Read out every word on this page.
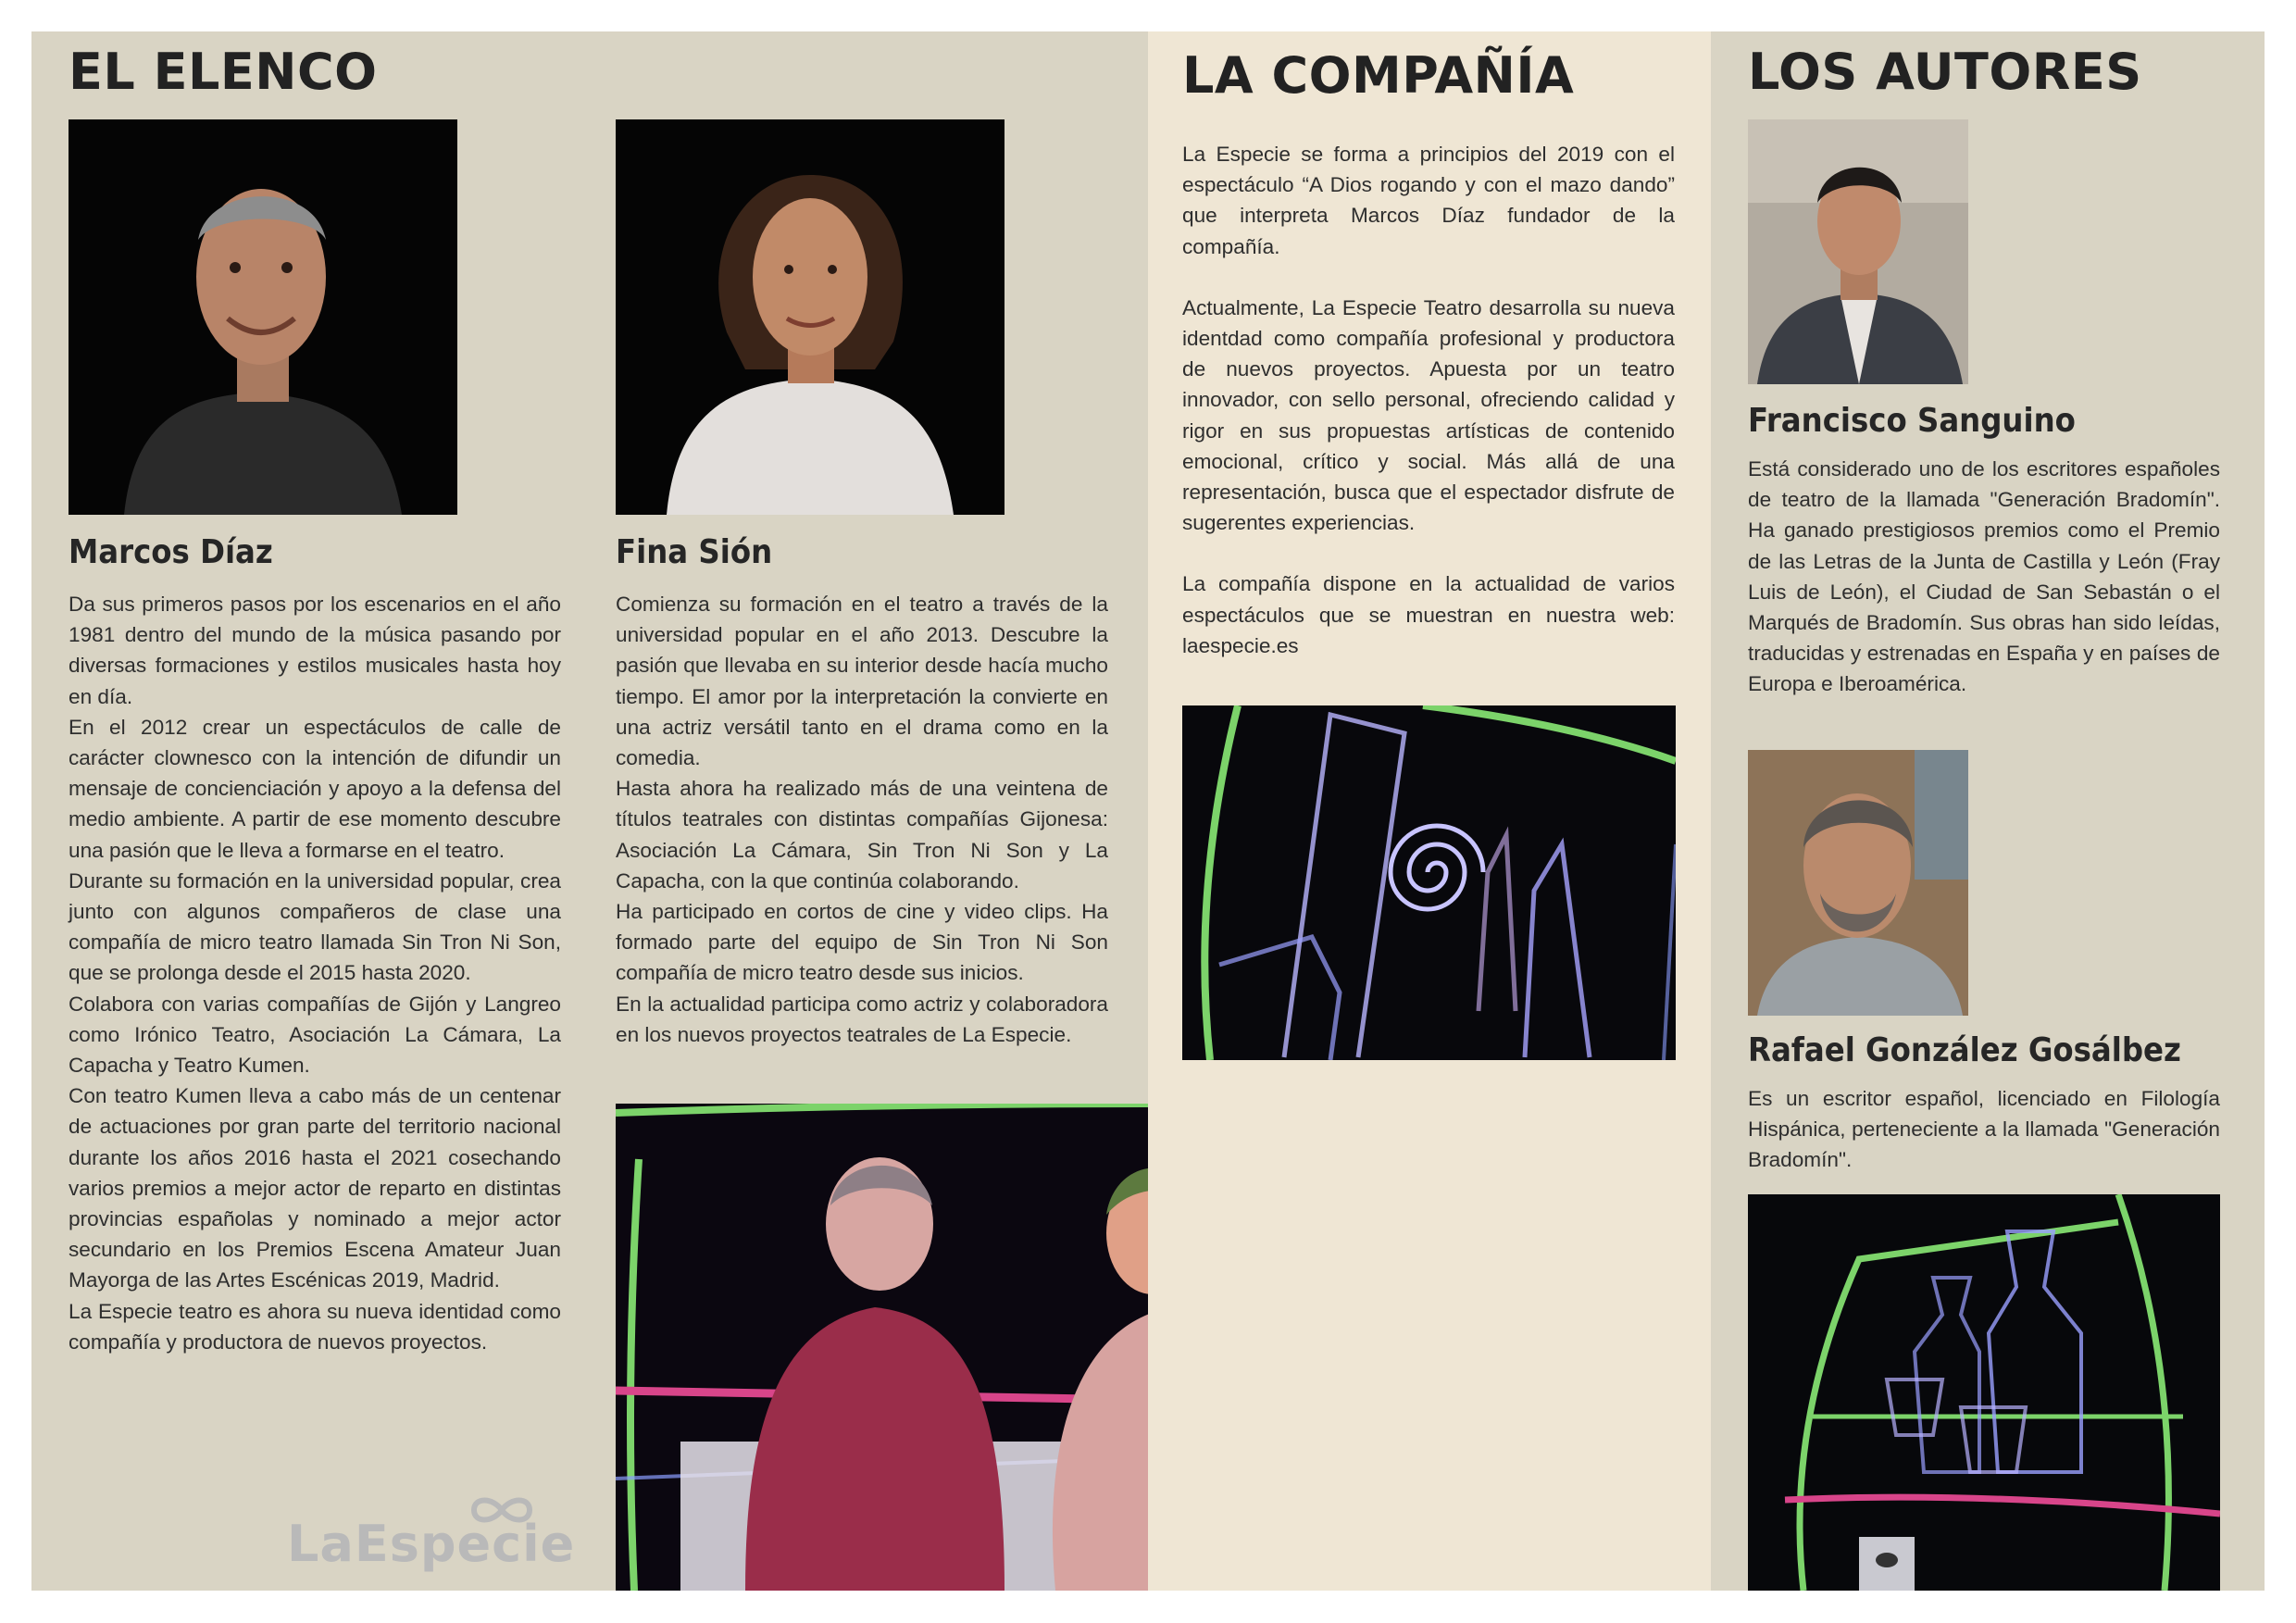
EL ELENCO
Marcos Díaz
Da sus primeros pasos por los escenarios en el año 1981 dentro del mundo de la música pasando por diversas formaciones y estilos musicales hasta hoy en día.
En el 2012 crear un espectáculos de calle de carácter clownesco con la intención de difundir un mensaje de concienciación y apoyo a la defensa del medio ambiente. A partir de ese momento descubre una pasión que le lleva a formarse en el teatro.
Durante su formación en la universidad popular, crea junto con algunos compañeros de clase una compañía de micro teatro llamada Sin Tron Ni Son, que se prolonga desde el 2015 hasta 2020.
Colabora con varias compañías de Gijón y Langreo como Irónico Teatro, Asociación La Cámara, La Capacha y Teatro Kumen.
Con teatro Kumen lleva a cabo más de un centenar de actuaciones por gran parte del territorio nacional durante los años 2016 hasta el 2021 cosechando varios premios a mejor actor de reparto en distintas provincias españolas y nominado a mejor actor secundario en los Premios Escena Amateur Juan Mayorga de las Artes Escénicas 2019, Madrid.
La Especie teatro es ahora su nueva identidad como compañía y productora de nuevos proyectos.
Fina Sión
Comienza su formación en el teatro a través de la universidad popular en el año 2013. Descubre la pasión que llevaba en su interior desde hacía mucho tiempo. El amor por la interpretación la convierte en una actriz versátil tanto en el drama como en la comedia.
Hasta ahora ha realizado más de una veintena de títulos teatrales con distintas compañías Gijonesa: Asociación La Cámara, Sin Tron Ni Son y La Capacha, con la que continúa colaborando.
Ha participado en cortos de cine y video clips. Ha formado parte del equipo de Sin Tron Ni Son compañía de micro teatro desde sus inicios.
En la actualidad participa como actriz y colaboradora en los nuevos proyectos teatrales de La Especie.
LaEspecie
LA COMPAÑÍA
La Especie se forma a principios del 2019 con el espectáculo “A Dios rogando y con el mazo dando” que interpreta Marcos Díaz fundador de la compañía.
Actualmente, La Especie Teatro desarrolla su nueva identdad como compañía profesional y productora de nuevos proyectos. Apuesta por un teatro innovador, con sello personal, ofreciendo calidad y rigor en sus propuestas artísticas de contenido emocional, crítico y social. Más allá de una representación, busca que el espectador disfrute de sugerentes experiencias.
La compañía dispone en la actualidad de varios espectáculos que se muestran en nuestra web: laespecie.es
LOS AUTORES
Francisco Sanguino

Está considerado uno de los escritores españoles de teatro de la llamada "Generación Bradomín". Ha ganado prestigiosos premios como el Premio de las Letras de la Junta de Castilla y León (Fray Luis de León), el Ciudad de San Sebastán o el Marqués de Bradomín. Sus obras han sido leídas, traducidas y estrenadas en España y en países de Europa e Iberoamérica.

Rafael González Gosálbez

Es un escritor español, licenciado en Filología Hispánica, perteneciente a la llamada "Generación Bradomín".
